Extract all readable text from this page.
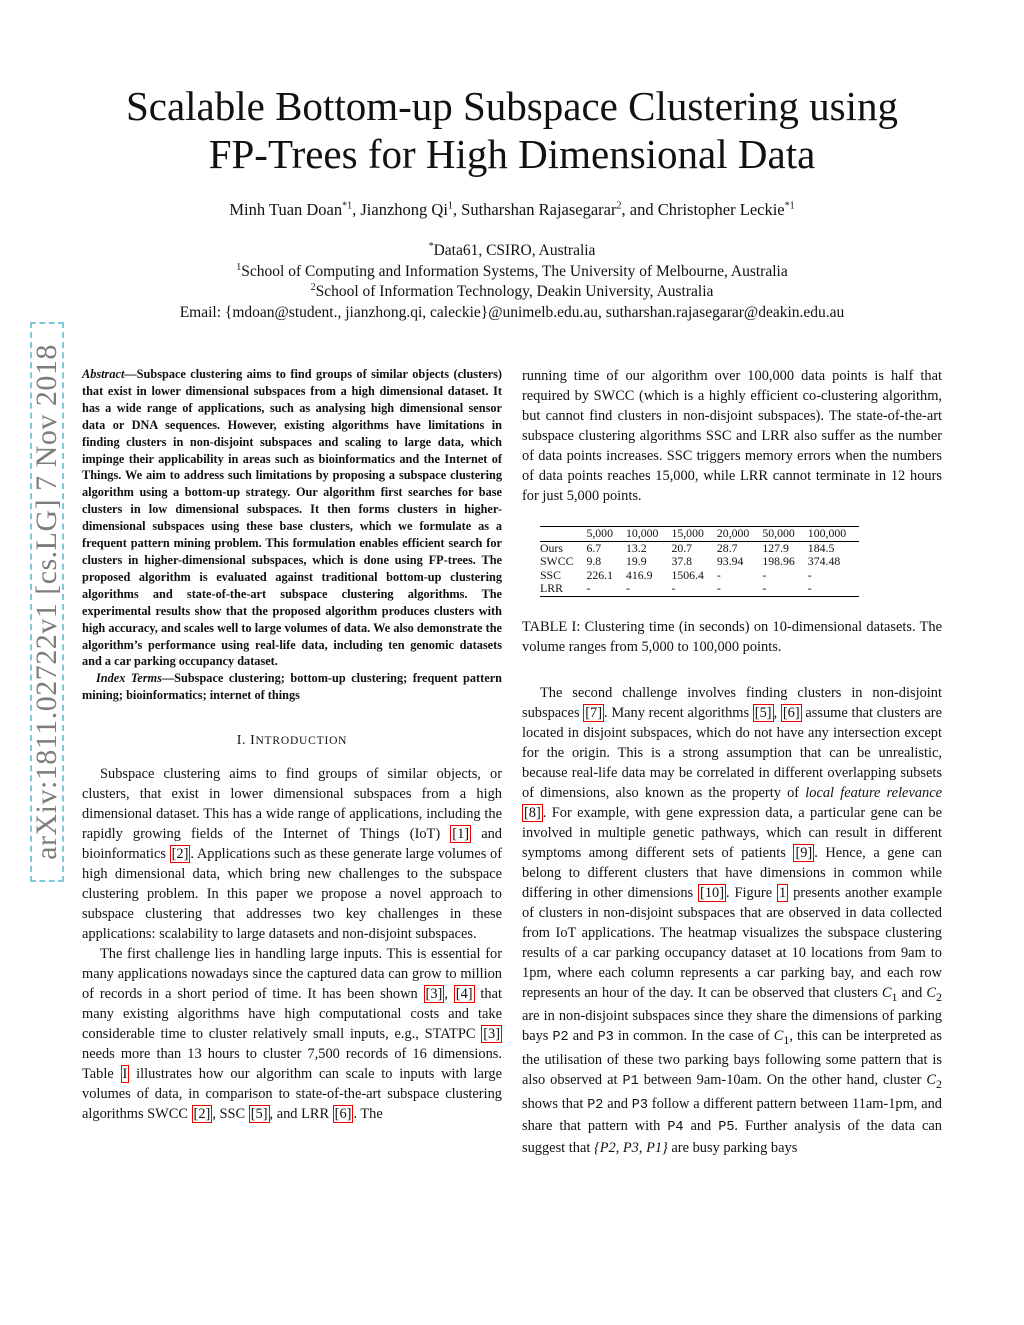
arXiv:1811.02722v1 [cs.LG] 7 Nov 2018
Scalable Bottom-up Subspace Clustering using
FP-Trees for High Dimensional Data
Minh Tuan Doan$^{*1}$, Jianzhong Qi$^1$, Sutharshan Rajasegarar$^2$, and Christopher Leckie$^{*1}$
*Data61, CSIRO, Australia
$^1$School of Computing and Information Systems, The University of Melbourne, Australia
$^2$School of Information Technology, Deakin University, Australia
Email: {mdoan@student., jianzhong.qi, caleckie}@unimelb.edu.au, sutharshan.rajasegarar@deakin.edu.au

Abstract—Subspace clustering aims to find groups of similar objects (clusters) that exist in lower dimensional subspaces from a high dimensional dataset. It has a wide range of applications, such as analysing high dimensional sensor data or DNA sequences. However, existing algorithms have limitations in finding clusters in non-disjoint subspaces and scaling to large data, which impinge their applicability in areas such as bioinformatics and the Internet of Things. We aim to address such limitations by proposing a subspace clustering algorithm using a bottom-up strategy. Our algorithm first searches for base clusters in low dimensional subspaces. It then forms clusters in higher-dimensional subspaces using these base clusters, which we formulate as a frequent pattern mining problem. This formulation enables efficient search for clusters in higher-dimensional subspaces, which is done using FP-trees. The proposed algorithm is evaluated against traditional bottom-up clustering algorithms and state-of-the-art subspace clustering algorithms. The experimental results show that the proposed algorithm produces clusters with high accuracy, and scales well to large volumes of data. We also demonstrate the algorithm’s performance using real-life data, including ten genomic datasets and a car parking occupancy dataset.

Index Terms—Subspace clustering; bottom-up clustering; frequent pattern mining; bioinformatics; internet of things

I. INTRODUCTION

Subspace clustering aims to find groups of similar objects, or clusters, that exist in lower dimensional subspaces from a high dimensional dataset. This has a wide range of applications, including the rapidly growing fields of the Internet of Things (IoT) [1] and bioinformatics [2] . Applications such as these generate large volumes of high dimensional data, which bring new challenges to the subspace clustering problem. In this paper we propose a novel approach to subspace clustering that addresses two key challenges in these applications: scalability to large datasets and non-disjoint subspaces.

The first challenge lies in handling large inputs. This is essential for many applications nowadays since the captured data can grow to million of records in a short period of time. It has been shown [3] , [4] that many existing algorithms have high computational costs and take considerable time to cluster relatively small inputs, e.g., STATPC [3] needs more than 13 hours to cluster 7,500 records of 16 dimensions. Table I illustrates how our algorithm can scale to inputs with large volumes of data, in comparison to state-of-the-art subspace clustering algorithms SWCC [2] , SSC [5] , and LRR [6] . The

running time of our algorithm over 100,000 data points is half that required by SWCC (which is a highly efficient co-clustering algorithm, but cannot find clusters in non-disjoint subspaces). The state-of-the-art subspace clustering algorithms SSC and LRR also suffer as the number of data points increases. SSC triggers memory errors when the numbers of data points reaches 15,000, while LRR cannot terminate in 12 hours for just 5,000 points.

	5,000	10,000	15,000	20,000	50,000	100,000
Ours	6.7	13.2	20.7	28.7	127.9	184.5
SWCC	9.8	19.9	37.8	93.94	198.96	374.48
SSC	226.1	416.9	1506.4	-	-	-
LRR	-	-	-	-	-	-

TABLE I: Clustering time (in seconds) on 10-dimensional datasets. The volume ranges from 5,000 to 100,000 points.

The second challenge involves finding clusters in non-disjoint subspaces [7] . Many recent algorithms [5] , [6] assume that clusters are located in disjoint subspaces, which do not have any intersection except for the origin. This is a strong assumption that can be unrealistic, because real-life data may be correlated in different overlapping subsets of dimensions, also known as the property of local feature relevance [8] . For example, with gene expression data, a particular gene can be involved in multiple genetic pathways, which can result in different symptoms among different sets of patients [9] . Hence, a gene can belong to different clusters that have dimensions in common while differing in other dimensions [10] . Figure 1 presents another example of clusters in non-disjoint subspaces that are observed in data collected from IoT applications. The heatmap visualizes the subspace clustering results of a car parking occupancy dataset at 10 locations from 9am to 1pm, where each column represents a car parking bay, and each row represents an hour of the day. It can be observed that clusters $C_1$ and $C_2$ are in non-disjoint subspaces since they share the dimensions of parking bays P2 and P3 in common. In the case of $C_1$, this can be interpreted as the utilisation of these two parking bays following some pattern that is also observed at P1 between 9am-10am. On the other hand, cluster $C_2$ shows that P2 and P3 follow a different pattern between 11am-1pm, and share that pattern with P4 and P5. Further analysis of the data can suggest that {P2, P3, P1} are busy parking bays
